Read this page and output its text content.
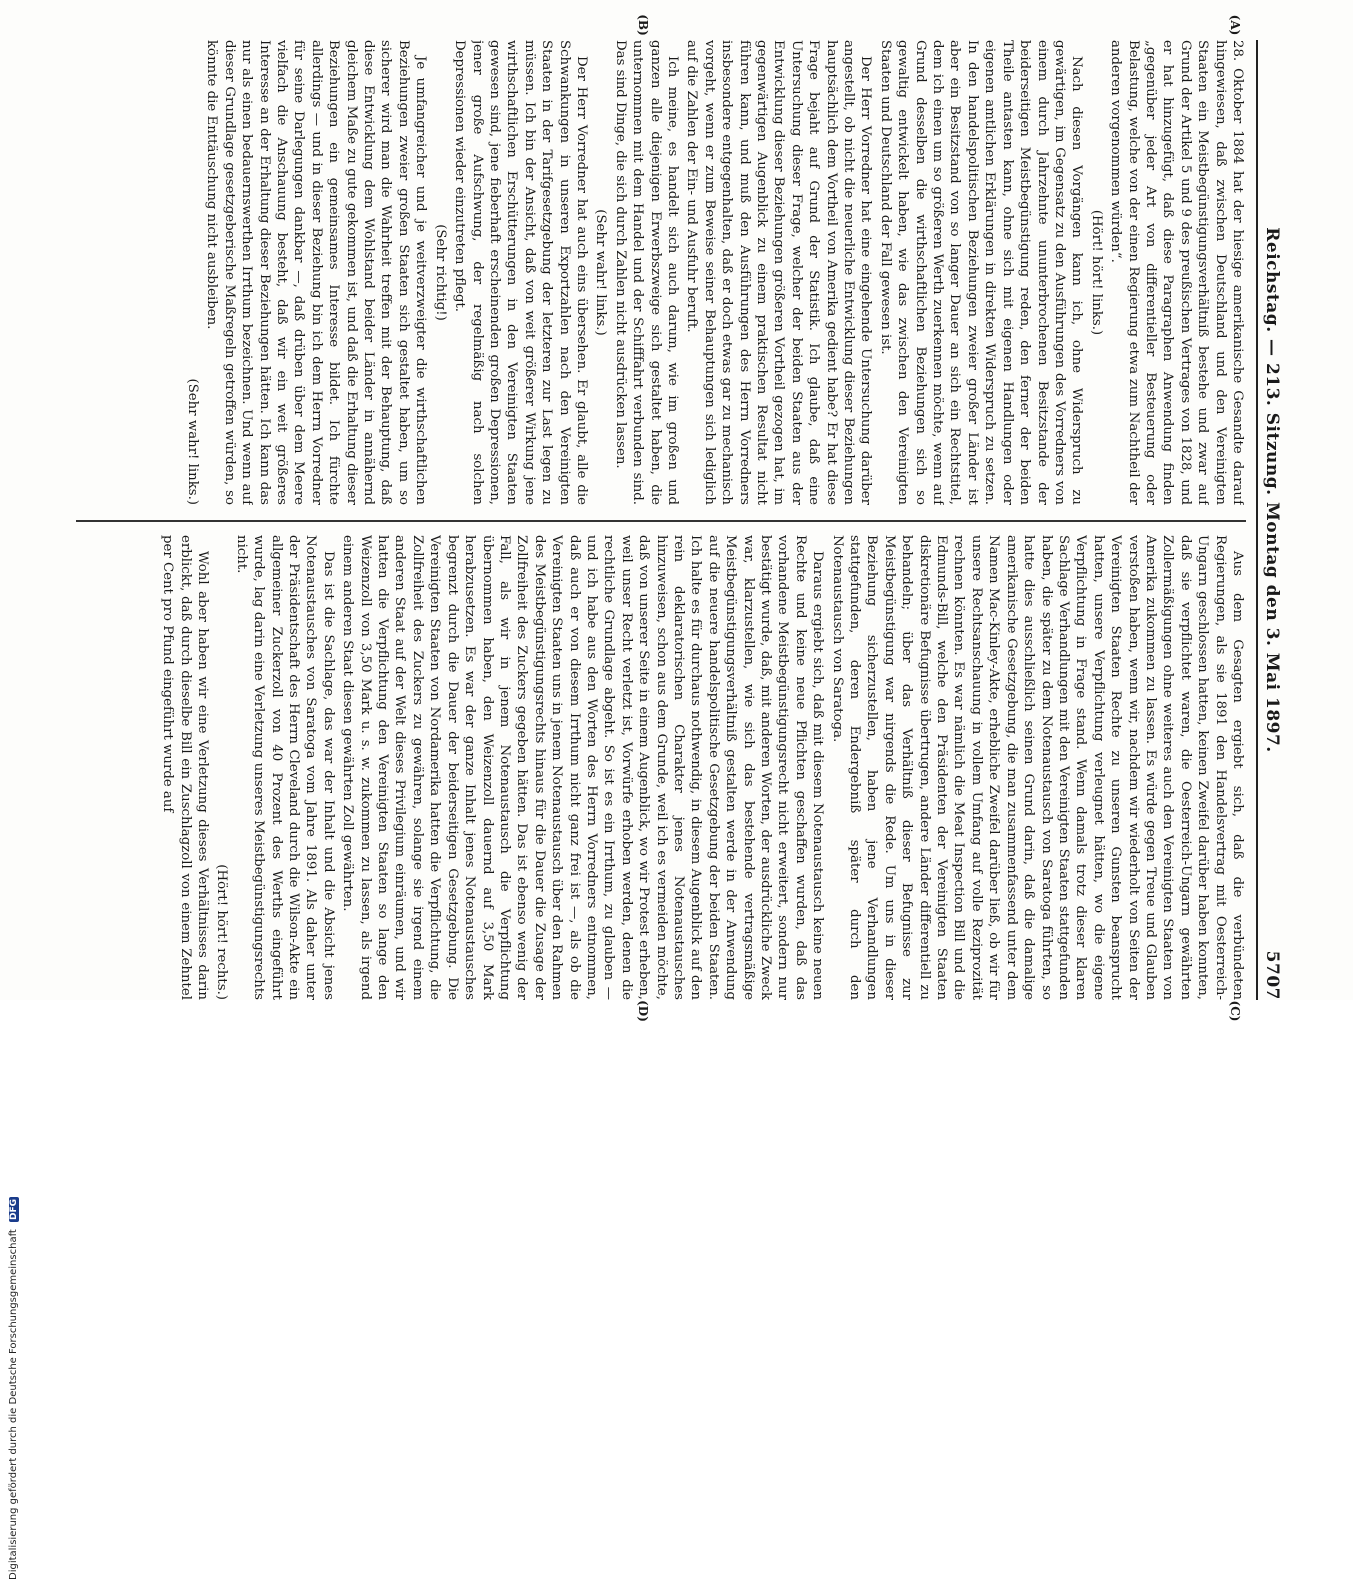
Reichstag. — 213. Sitzung. Montag den 3. Mai 1897.
5707
(A)
(B)
(C)
(D)

28. Oktober 1884 hat der hiesige amerikanische Gesandte darauf hingewiesen, daß zwischen Deutschland und den Vereinigten Staaten ein Meistbegünstigungsverhältniß bestehe und zwar auf Grund der Artikel 5 und 9 des preußischen Vertrages von 1828, und er hat hinzugefügt, daß diese Paragraphen Anwendung finden „gegenüber jeder Art von differentieller Besteuerung oder Belastung, welche von der einen Regierung etwa zum Nachtheil der anderen vorgenommen würden“.

(Hört! hört! links.)

Nach diesen Vorgängen kann ich, ohne Widerspruch zu gewärtigen, im Gegensatz zu den Ausführungen des Vorredners von einem durch Jahrzehnte ununterbrochenen Besitzstande der beiderseitigen Meistbegünstigung reden, den ferner der beiden Theile antasten kann, ohne sich mit eigenen Handlungen oder eigenen amtlichen Erklärungen in direkten Widerspruch zu setzen. In den handelspolitischen Beziehungen zweier großer Länder ist aber ein Besitzstand von so langer Dauer an sich ein Rechtstitel, dem ich einen um so größeren Werth zuerkennen möchte, wenn auf Grund desselben die wirthschaftlichen Beziehungen sich so gewaltig entwickelt haben, wie das zwischen den Vereinigten Staaten und Deutschland der Fall gewesen ist.

Der Herr Vorredner hat eine eingehende Untersuchung darüber angestellt, ob nicht die neuerliche Entwicklung dieser Beziehungen hauptsächlich dem Vortheil von Amerika gedient habe? Er hat diese Frage bejaht auf Grund der Statistik. Ich glaube, daß eine Untersuchung dieser Frage, welcher der beiden Staaten aus der Entwicklung dieser Beziehungen größeren Vortheil gezogen hat, im gegenwärtigen Augenblick zu einem praktischen Resultat nicht führen kann, und muß den Ausführungen des Herrn Vorredners insbesondere entgegenhalten, daß er doch etwas gar zu mechanisch vorgeht, wenn er zum Beweise seiner Behauptungen sich lediglich auf die Zahlen der Ein- und Ausfuhr beruft.

Ich meine, es handelt sich auch darum, wie im großen und ganzen alle diejenigen Erwerbszweige sich gestaltet haben, die unternommen mit dem Handel und der Schifffahrt verbunden sind. Das sind Dinge, die sich durch Zahlen nicht ausdrücken lassen.

(Sehr wahr! links.)

Der Herr Vorredner hat auch eins übersehen. Er glaubt, alle die Schwankungen in unseren Exportzahlen nach den Vereinigten Staaten in der Tarifgesetzgebung der letzteren zur Last legen zu müssen. Ich bin der Ansicht, daß von weit größerer Wirkung jene wirthschaftlichen Erschütterungen in den Vereinigten Staaten gewesen sind, jene fieberhaft erscheinenden großen Depressionen, jener große Aufschwung, der regelmäßig nach solchen Depressionen wieder einzutreten pflegt.

(Sehr richtig!)

Je umfangreicher und je weitverzweigter die wirthschaftlichen Beziehungen zweier großen Staaten sich gestaltet haben, um so sicherer wird man die Wahrheit treffen mit der Behauptung, daß diese Entwicklung dem Wohlstand beider Länder in annähernd gleichem Maße zu gute gekommen ist, und daß die Erhaltung dieser Beziehungen ein gemeinsames Interesse bildet. Ich fürchte allerdings — und in dieser Beziehung bin ich dem Herrn Vorredner für seine Darlegungen dankbar —, daß drüben über dem Meere vielfach die Anschauung besteht, daß wir ein weit größeres Interesse an der Erhaltung dieser Beziehungen hätten. Ich kann das nur als einen bedauernswerthen Irrthum bezeichnen. Und wenn auf dieser Grundlage gesetzgeberische Maßregeln getroffen würden, so könnte die Enttäuschung nicht ausbleiben.

(Sehr wahr! links.)

Aus dem Gesagten ergiebt sich, daß die verbündeten Regierungen, als sie 1891 den Handelsvertrag mit Oesterreich-Ungarn geschlossen hatten, keinen Zweifel darüber haben konnten, daß sie verpflichtet waren, die Oesterreich-Ungarn gewährten Zollermäßigungen ohne weiteres auch den Vereinigten Staaten von Amerika zukommen zu lassen. Es würde gegen Treue und Glauben verstoßen haben, wenn wir, nachdem wir wiederholt von Seiten der Vereinigten Staaten Rechte zu unseren Gunsten beansprucht hatten, unsere Verpflichtung verleugnet hätten, wo die eigene Verpflichtung in Frage stand. Wenn damals trotz dieser klaren Sachlage Verhandlungen mit den Vereinigten Staaten stattgefunden haben, die später zu dem Notenaustausch von Saratoga führten, so hatte dies ausschließlich seinen Grund darin, daß die damalige amerikanische Gesetzgebung, die man zusammenfassend unter dem Namen Mac-Kinley-Akte, erhebliche Zweifel darüber ließ, ob wir für unsere Rechtsanschauung in vollem Umfang auf volle Reziprozität rechnen könnten. Es war nämlich die Meat Inspection Bill und die Edmunds-Bill, welche den Präsidenten der Vereinigten Staaten diskretionäre Befugnisse übertrugen, andere Länder differentiell zu behandeln; über das Verhältniß dieser Befugnisse zur Meistbegünstigung war nirgends die Rede. Um uns in dieser Beziehung sicherzustellen, haben jene Verhandlungen stattgefunden, deren Endergebniß später durch den Notenaustausch von Saratoga.

Daraus ergiebt sich, daß mit diesem Notenaustausch keine neuen Rechte und keine neue Pflichten geschaffen wurden, daß das vorhandene Meistbegünstigungsrecht nicht erweitert, sondern nur bestätigt wurde, daß, mit anderen Worten, der ausdrückliche Zweck war, klarzustellen, wie sich das bestehende vertragsmäßige Meistbegünstigungsverhältniß gestalten werde in der Anwendung auf die neuere handelspolitische Gesetzgebung der beiden Staaten. Ich halte es für durchaus nothwendig, in diesem Augenblick auf den rein deklaratorischen Charakter jenes Notenaustausches hinzuweisen, schon aus dem Grunde, weil ich es vermeiden möchte, daß von unserer Seite in einem Augenblick, wo wir Protest erheben, weil unser Recht verletzt ist, Vorwürfe erhoben werden, denen die rechtliche Grundlage abgeht. So ist es ein Irrthum, zu glauben — und ich habe aus den Worten des Herrn Vorredners entnommen, daß auch er von diesem Irrthum nicht ganz frei ist —, als ob die Vereinigten Staaten uns in jenem Notenaustausch über den Rahmen des Meistbegünstigungsrechts hinaus für die Dauer die Zusage der Zollfreiheit des Zuckers gegeben hätten. Das ist ebenso wenig der Fall, als wir in jenem Notenaustausch die Verpflichtung übernommen haben, den Weizenzoll dauernd auf 3,50 Mark herabzusetzen. Es war der ganze Inhalt jenes Notenaustausches begrenzt durch die Dauer der beiderseitigen Gesetzgebung. Die Vereinigten Staaten von Nordamerika hatten die Verpflichtung, die Zollfreiheit des Zuckers zu gewähren, solange sie irgend einem anderen Staat auf der Welt dieses Privilegium einräumen, und wir hatten die Verpflichtung den Vereinigten Staaten so lange den Weizenzoll von 3,50 Mark u. s. w. zukommen zu lassen, als irgend einem anderen Staat diesen gewährten Zoll gewährten.

Das ist die Sachlage, das war der Inhalt und die Absicht jenes Notenaustausches von Saratoga vom Jahre 1891. Als daher unter der Präsidentschaft des Herrn Cleveland durch die Wilson-Akte ein allgemeiner Zuckerzoll von 40 Prozent des Werths eingeführt wurde, lag darin eine Verletzung unseres Meistbegünstigungsrechts nicht.

(Hört! hört! rechts.)

Wohl aber haben wir eine Verletzung dieses Verhältnisses darin erblickt, daß durch dieselbe Bill ein Zuschlagzoll von einem Zehntel per Cent pro Pfund eingeführt wurde auf

Digitalisierung gefördert durch die Deutsche Forschungsgemeinschaft DFG
